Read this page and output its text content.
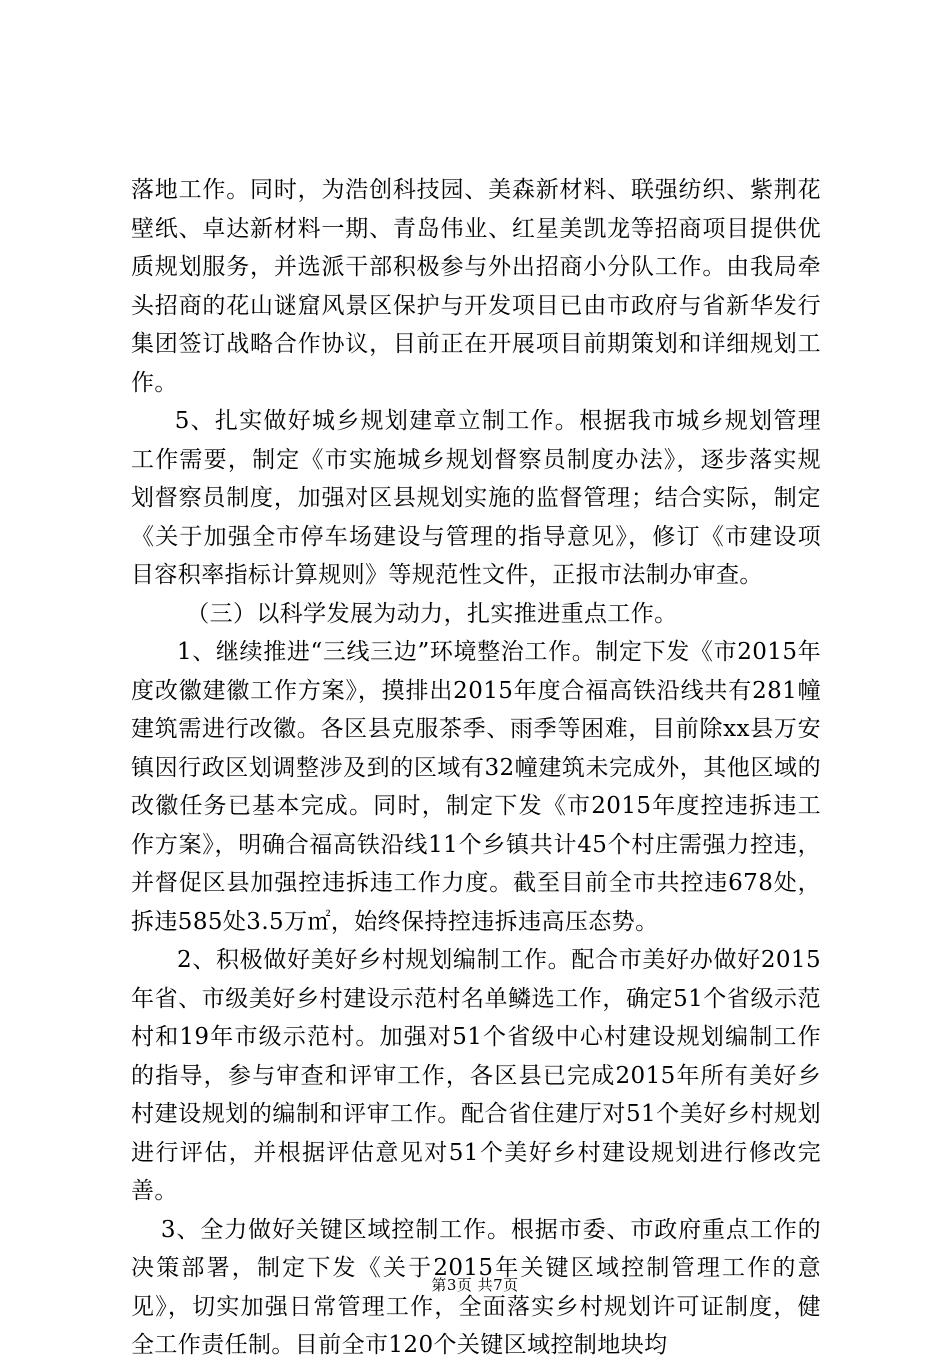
落地工作。同时，为浩创科技园、美森新材料、联强纺织、紫荆花壁纸、卓达新材料一期、青岛伟业、红星美凯龙等招商项目提供优质规划服务，并选派干部积极参与外出招商小分队工作。由我局牵头招商的花山谜窟风景区保护与开发项目已由市政府与省新华发行集团签订战略合作协议，目前正在开展项目前期策划和详细规划工作。

5、扎实做好城乡规划建章立制工作。根据我市城乡规划管理工作需要，制定《市实施城乡规划督察员制度办法》，逐步落实规划督察员制度，加强对区县规划实施的监督管理；结合实际，制定《关于加强全市停车场建设与管理的指导意见》，修订《市建设项目容积率指标计算规则》等规范性文件，正报市法制办审查。

（三）以科学发展为动力，扎实推进重点工作。

1、继续推进“三线三边”环境整治工作。制定下发《市2015年度改徽建徽工作方案》，摸排出2015年度合福高铁沿线共有281幢建筑需进行改徽。各区县克服茶季、雨季等困难，目前除xx县万安镇因行政区划调整涉及到的区域有32幢建筑未完成外，其他区域的改徽任务已基本完成。同时，制定下发《市2015年度控违拆违工作方案》，明确合福高铁沿线11个乡镇共计45个村庄需强力控违，并督促区县加强控违拆违工作力度。截至目前全市共控违678处，拆违585处3.5万㎡，始终保持控违拆违高压态势。

2、积极做好美好乡村规划编制工作。配合市美好办做好2015年省、市级美好乡村建设示范村名单鳞选工作，确定51个省级示范村和19年市级示范村。加强对51个省级中心村建设规划编制工作的指导，参与审查和评审工作，各区县已完成2015年所有美好乡村建设规划的编制和评审工作。配合省住建厅对51个美好乡村规划进行评估，并根据评估意见对51个美好乡村建设规划进行修改完善。

3、全力做好关键区域控制工作。根据市委、市政府重点工作的决策部署，制定下发《关于2015年关键区域控制管理工作的意见》，切实加强日常管理工作，全面落实乡村规划许可证制度，健全工作责任制。目前全市120个关键区域控制地块均

第3页 共7页
